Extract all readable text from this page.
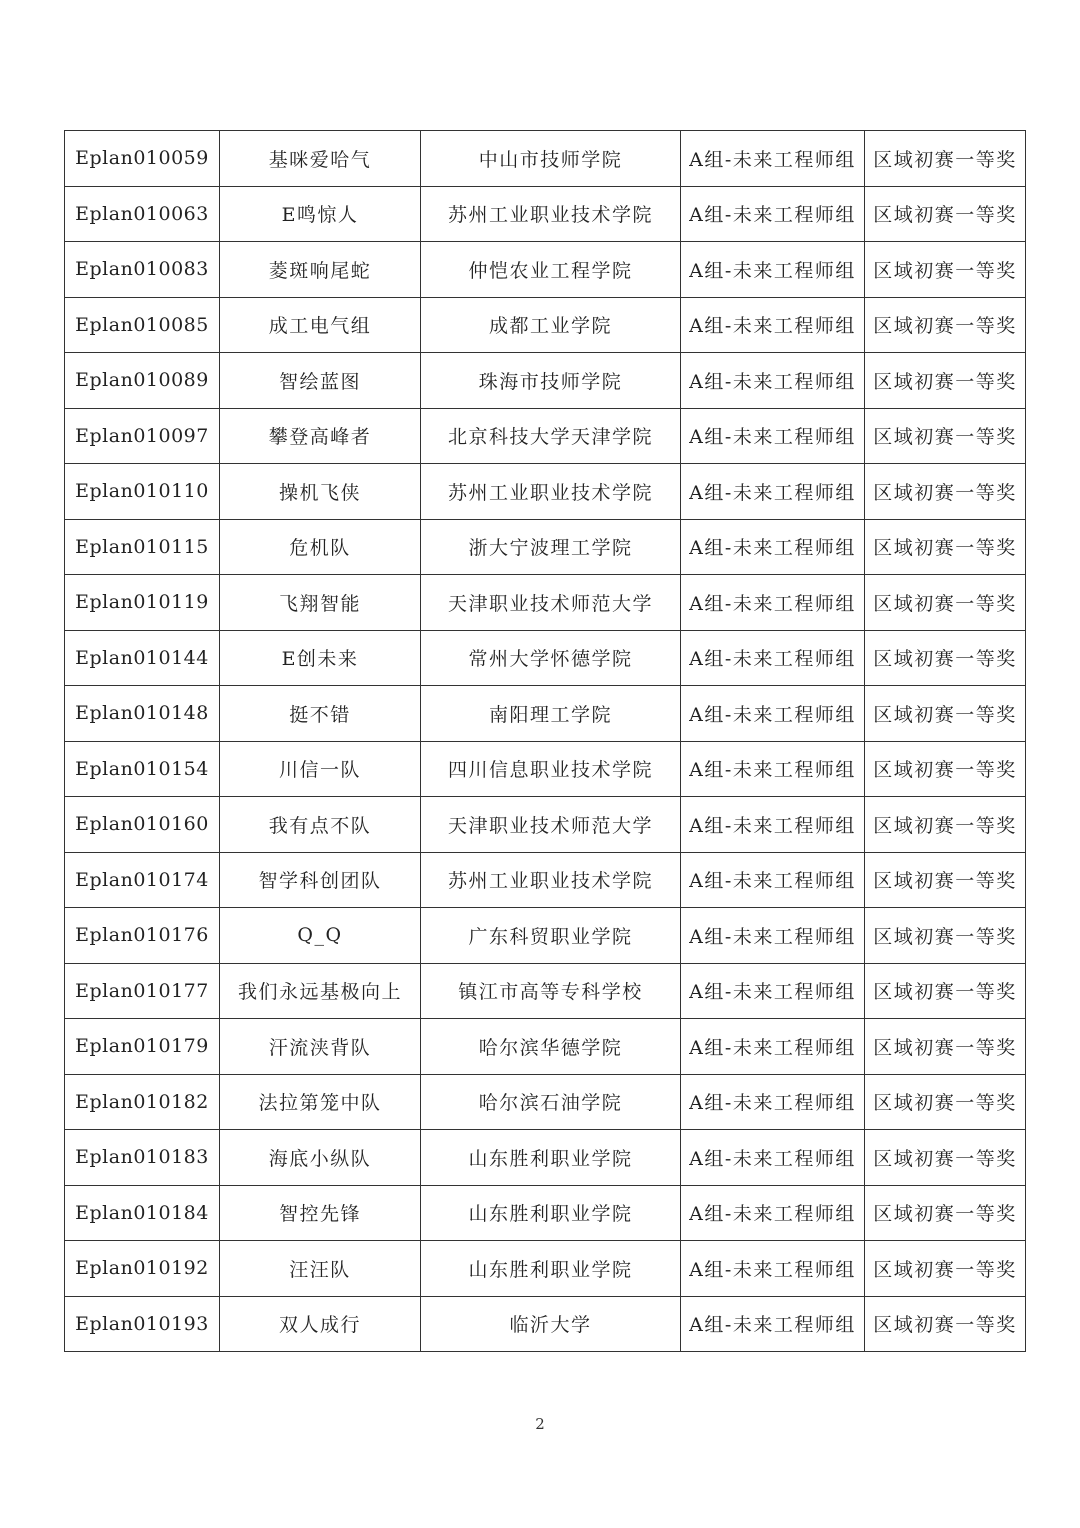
Eplan010059	基咪爱哈气	中山市技师学院	A组-未来工程师组	区域初赛一等奖
Eplan010063	E鸣惊人	苏州工业职业技术学院	A组-未来工程师组	区域初赛一等奖
Eplan010083	菱斑响尾蛇	仲恺农业工程学院	A组-未来工程师组	区域初赛一等奖
Eplan010085	成工电气组	成都工业学院	A组-未来工程师组	区域初赛一等奖
Eplan010089	智绘蓝图	珠海市技师学院	A组-未来工程师组	区域初赛一等奖
Eplan010097	攀登高峰者	北京科技大学天津学院	A组-未来工程师组	区域初赛一等奖
Eplan010110	操机飞侠	苏州工业职业技术学院	A组-未来工程师组	区域初赛一等奖
Eplan010115	危机队	浙大宁波理工学院	A组-未来工程师组	区域初赛一等奖
Eplan010119	飞翔智能	天津职业技术师范大学	A组-未来工程师组	区域初赛一等奖
Eplan010144	E创未来	常州大学怀德学院	A组-未来工程师组	区域初赛一等奖
Eplan010148	挺不错	南阳理工学院	A组-未来工程师组	区域初赛一等奖
Eplan010154	川信一队	四川信息职业技术学院	A组-未来工程师组	区域初赛一等奖
Eplan010160	我有点不队	天津职业技术师范大学	A组-未来工程师组	区域初赛一等奖
Eplan010174	智学科创团队	苏州工业职业技术学院	A组-未来工程师组	区域初赛一等奖
Eplan010176	Q_Q	广东科贸职业学院	A组-未来工程师组	区域初赛一等奖
Eplan010177	我们永远基极向上	镇江市高等专科学校	A组-未来工程师组	区域初赛一等奖
Eplan010179	汗流浃背队	哈尔滨华德学院	A组-未来工程师组	区域初赛一等奖
Eplan010182	法拉第笼中队	哈尔滨石油学院	A组-未来工程师组	区域初赛一等奖
Eplan010183	海底小纵队	山东胜利职业学院	A组-未来工程师组	区域初赛一等奖
Eplan010184	智控先锋	山东胜利职业学院	A组-未来工程师组	区域初赛一等奖
Eplan010192	汪汪队	山东胜利职业学院	A组-未来工程师组	区域初赛一等奖
Eplan010193	双人成行	临沂大学	A组-未来工程师组	区域初赛一等奖
2
